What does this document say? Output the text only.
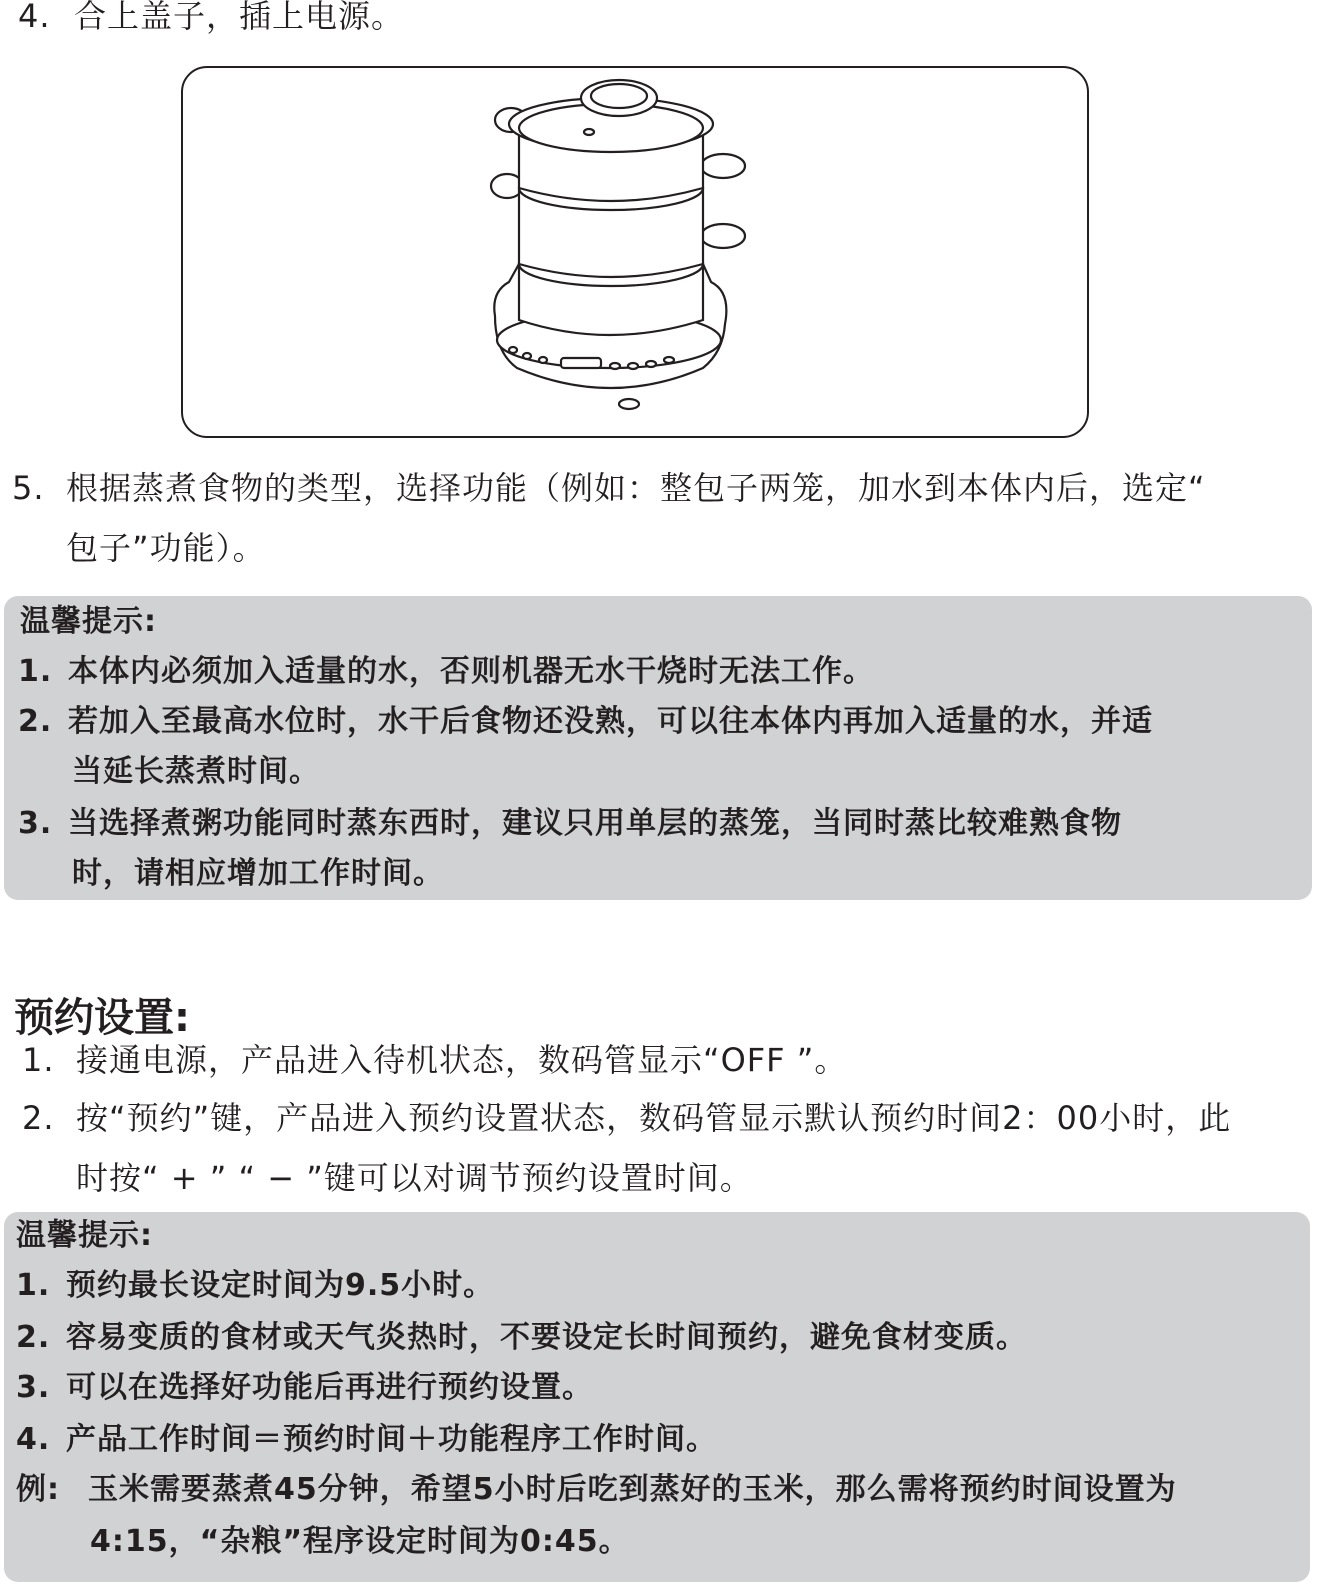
4. 合上盖子，插上电源。
5. 根据蒸煮食物的类型，选择功能（例如：整包子两笼，加水到本体内后，选定“
包子”功能）。
温馨提示:
1. 本体内必须加入适量的水，否则机器无水干烧时无法工作。
2. 若加入至最高水位时，水干后食物还没熟，可以往本体内再加入适量的水，并适
当延长蒸煮时间。
3. 当选择煮粥功能同时蒸东西时，建议只用单层的蒸笼，当同时蒸比较难熟食物
时，请相应增加工作时间。
预约设置:
1. 接通电源，产品进入待机状态，数码管显示“OFF ”。
2. 按“预约”键，产品进入预约设置状态，数码管显示默认预约时间2：00小时，此
时按“ + ” “ − ”键可以对调节预约设置时间。
温馨提示:
1. 预约最长设定时间为9.5小时。
2. 容易变质的食材或天气炎热时，不要设定长时间预约，避免食材变质。
3. 可以在选择好功能后再进行预约设置。
4. 产品工作时间＝预约时间＋功能程序工作时间。
例: 玉米需要蒸煮45分钟，希望5小时后吃到蒸好的玉米，那么需将预约时间设置为
4:15，“杂粮”程序设定时间为0:45。
